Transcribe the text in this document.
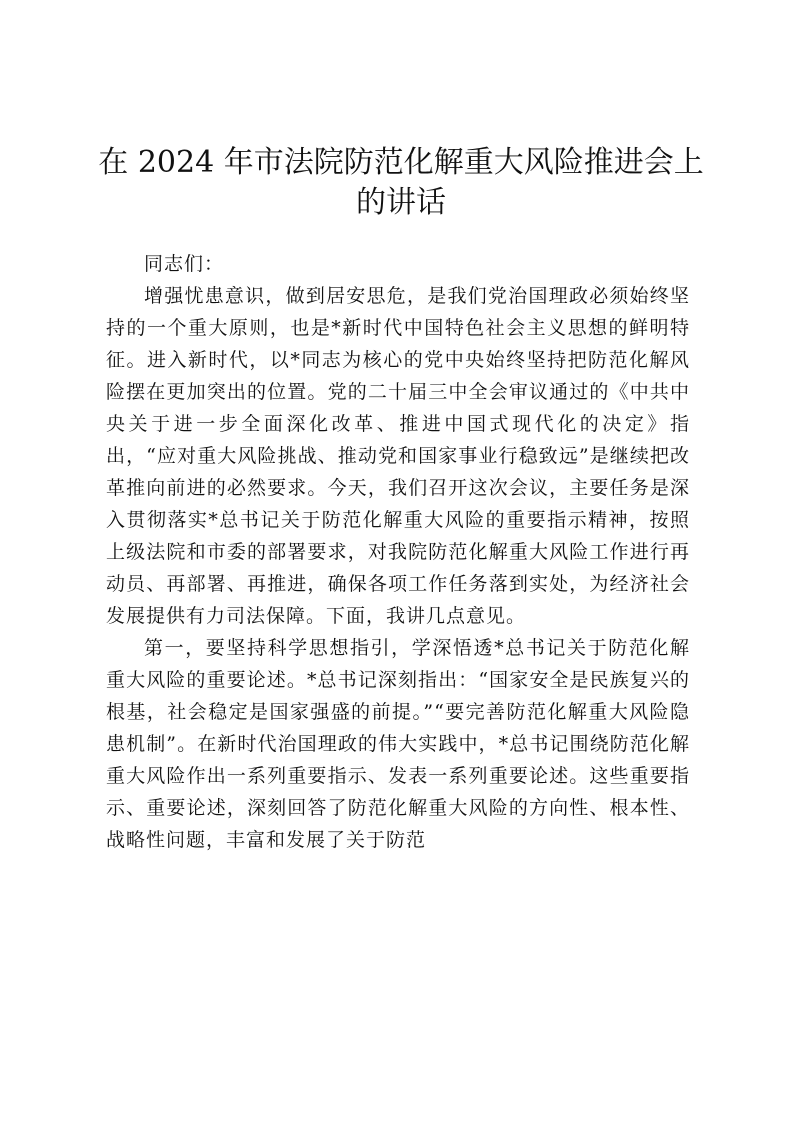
在 2024 年市法院防范化解重大风险推进会上
的讲话

同志们：

增强忧患意识，做到居安思危，是我们党治国理政必须始终坚持的一个重大原则，也是*新时代中国特色社会主义思想的鲜明特征。进入新时代，以*同志为核心的党中央始终坚持把防范化解风险摆在更加突出的位置。党的二十届三中全会审议通过的《中共中央关于进一步全面深化改革、推进中国式现代化的决定》指出，“应对重大风险挑战、推动党和国家事业行稳致远”是继续把改革推向前进的必然要求。今天，我们召开这次会议，主要任务是深入贯彻落实*总书记关于防范化解重大风险的重要指示精神，按照上级法院和市委的部署要求，对我院防范化解重大风险工作进行再动员、再部署、再推进，确保各项工作任务落到实处，为经济社会发展提供有力司法保障。下面，我讲几点意见。

第一，要坚持科学思想指引，学深悟透*总书记关于防范化解重大风险的重要论述。*总书记深刻指出：“国家安全是民族复兴的根基，社会稳定是国家强盛的前提。”“要完善防范化解重大风险隐患机制”。在新时代治国理政的伟大实践中，*总书记围绕防范化解重大风险作出一系列重要指示、发表一系列重要论述。这些重要指示、重要论述，深刻回答了防范化解重大风险的方向性、根本性、战略性问题，丰富和发展了关于防范
